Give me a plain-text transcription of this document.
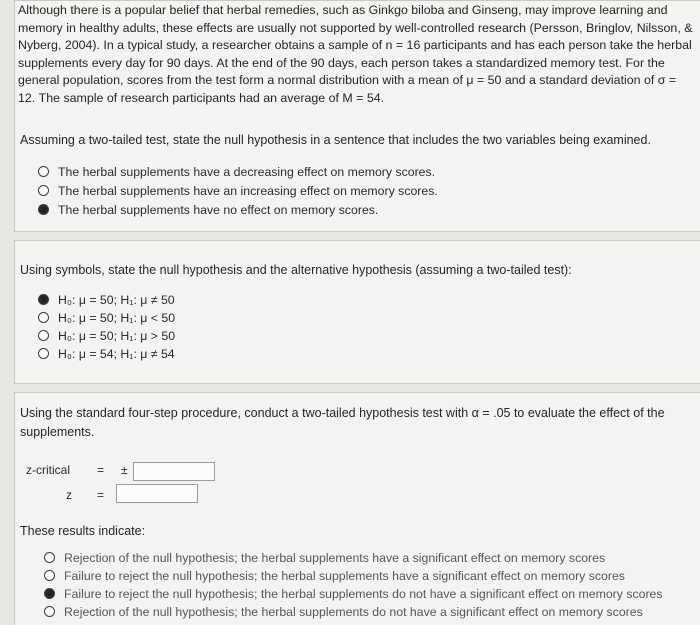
Although there is a popular belief that herbal remedies, such as Ginkgo biloba and Ginseng, may improve learning and memory in healthy adults, these effects are usually not supported by well-controlled research (Persson, Bringlov, Nilsson, & Nyberg, 2004). In a typical study, a researcher obtains a sample of n = 16 participants and has each person take the herbal supplements every day for 90 days. At the end of the 90 days, each person takes a standardized memory test. For the general population, scores from the test form a normal distribution with a mean of μ = 50 and a standard deviation of σ = 12. The sample of research participants had an average of M = 54.
Assuming a two-tailed test, state the null hypothesis in a sentence that includes the two variables being examined.
The herbal supplements have a decreasing effect on memory scores.
The herbal supplements have an increasing effect on memory scores.
The herbal supplements have no effect on memory scores.
Using symbols, state the null hypothesis and the alternative hypothesis (assuming a two-tailed test):
H₀: μ = 50; H₁: μ ≠ 50
H₀: μ = 50; H₁: μ < 50
H₀: μ = 50; H₁: μ > 50
H₀: μ = 54; H₁: μ ≠ 54
Using the standard four-step procedure, conduct a two-tailed hypothesis test with α = .05 to evaluate the effect of the supplements.
z-critical = ±
z =
These results indicate:
Rejection of the null hypothesis; the herbal supplements have a significant effect on memory scores
Failure to reject the null hypothesis; the herbal supplements have a significant effect on memory scores
Failure to reject the null hypothesis; the herbal supplements do not have a significant effect on memory scores
Rejection of the null hypothesis; the herbal supplements do not have a significant effect on memory scores
